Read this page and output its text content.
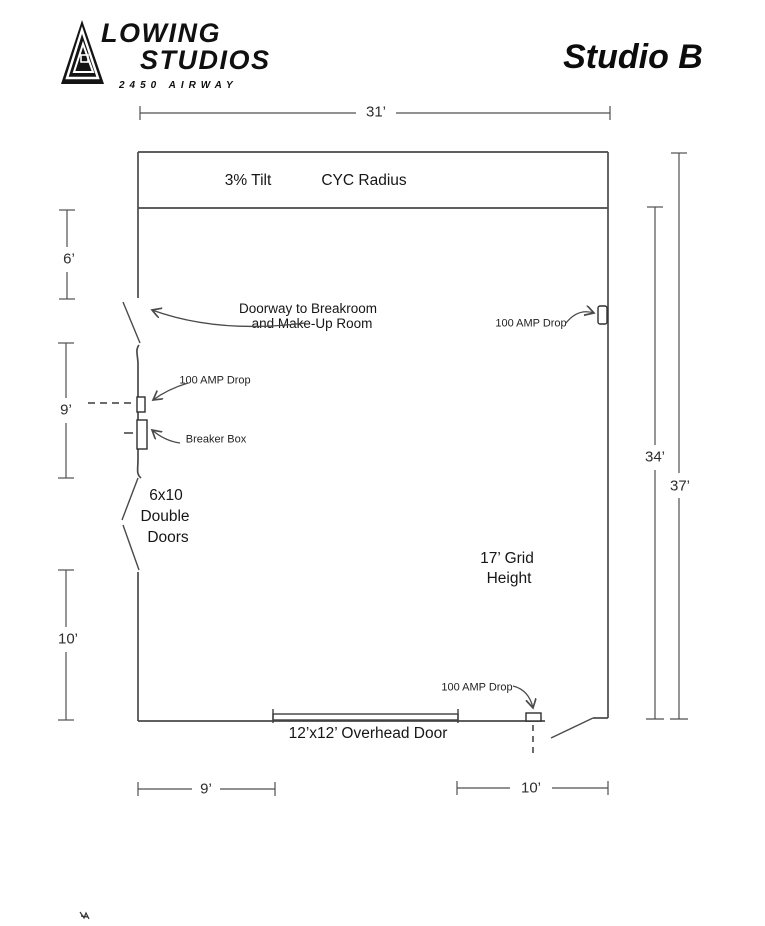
LOWING
STUDIOS
2450 AIRWAY
Studio B
31’
6’
9’
10’
34’
37’
9’	10’
3% Tilt	CYC Radius
Doorway to Breakroom
and Make-Up Room	100 AMP Drop
100 AMP Drop
Breaker Box
100 AMP Drop
6x10
Double
Doors
17’ Grid
Height
12’x12’ Overhead Door
